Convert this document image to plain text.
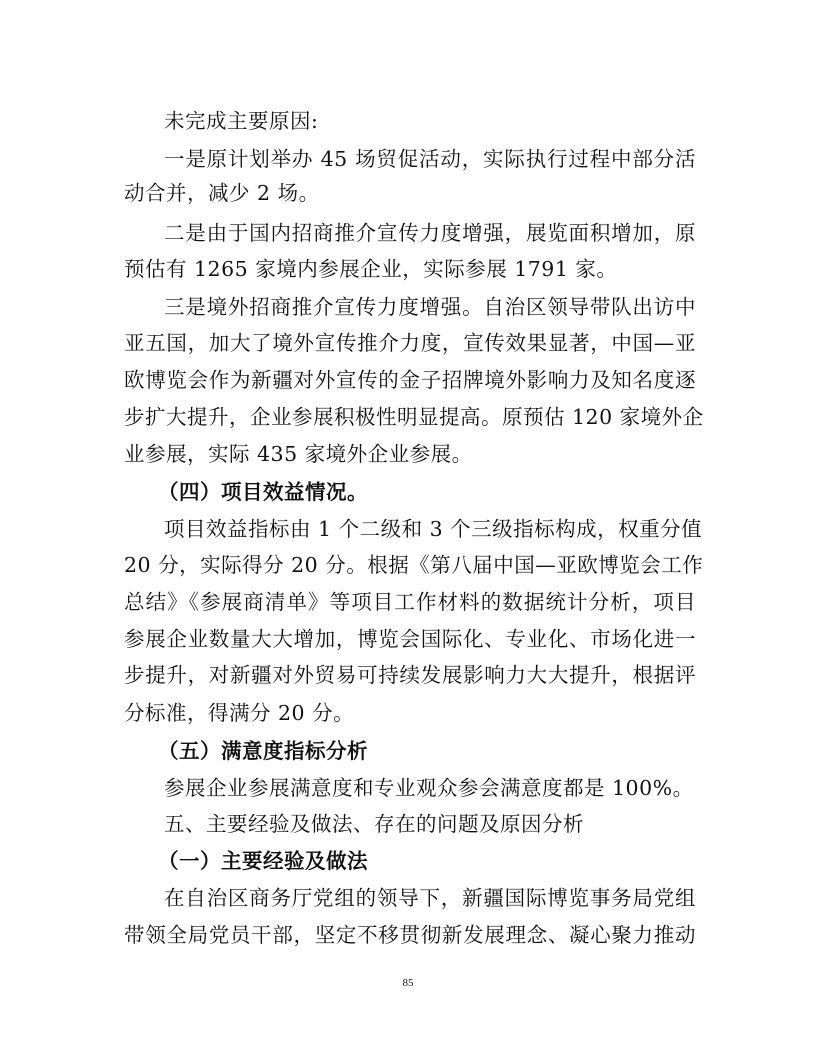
未完成主要原因:
一是原计划举办 45 场贸促活动，实际执行过程中部分活
动合并，减少 2 场。
二是由于国内招商推介宣传力度增强，展览面积增加，原
预估有 1265 家境内参展企业，实际参展 1791 家。
三是境外招商推介宣传力度增强。自治区领导带队出访中
亚五国，加大了境外宣传推介力度，宣传效果显著，中国—亚
欧博览会作为新疆对外宣传的金子招牌境外影响力及知名度逐
步扩大提升，企业参展积极性明显提高。原预估 120 家境外企
业参展，实际 435 家境外企业参展。
（四）项目效益情况。
项目效益指标由 1 个二级和 3 个三级指标构成，权重分值
20 分，实际得分 20 分。根据《第八届中国—亚欧博览会工作
总结》《参展商清单》等项目工作材料的数据统计分析，项目
参展企业数量大大增加，博览会国际化、专业化、市场化进一
步提升，对新疆对外贸易可持续发展影响力大大提升，根据评
分标准，得满分 20 分。
（五）满意度指标分析
参展企业参展满意度和专业观众参会满意度都是 100%。
五、主要经验及做法、存在的问题及原因分析
（一）主要经验及做法
在自治区商务厅党组的领导下，新疆国际博览事务局党组
带领全局党员干部，坚定不移贯彻新发展理念、凝心聚力推动
85
